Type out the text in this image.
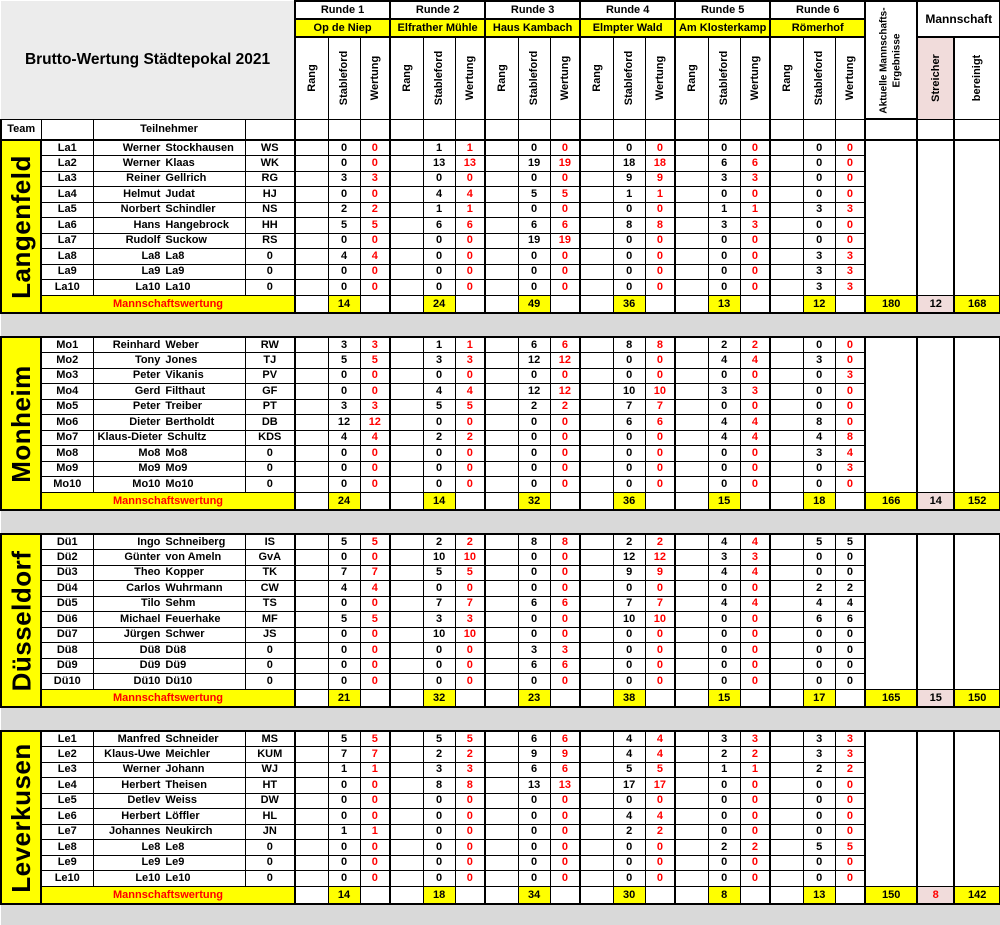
Brutto-Wertung Städtepokal 2021				Runde 1			Runde 2			Runde 3			Runde 4			Runde 5			Runde 6			Aktuelle Mannschafts-Ergebnisse	Mannschaft	
				Op de Niep			Elfrather Mühle			Haus Kambach			Elmpter Wald			Am Klosterkamp			Römerhof					

				Rang	Stableford	Wertung	Rang	Stableford	Wertung	Rang	Stableford	Wertung	Rang	Stableford	Wertung	Rang	Stableford	Wertung	Rang	Stableford	Wertung		Streicher	bereinigt

Team		Teilnehmer																						

Langenfeld	La1	Werner Stockhausen	WS		0	0		1	1		0	0		0	0		0	0		0	0			
	La2	Werner Klaas	WK		0	0		13	13		19	19		18	18		6	6		0	0			
	La3	Reiner Gellrich	RG		3	3		0	0		0	0		9	9		3	3		0	0			
	La4	Helmut Judat	HJ		0	0		4	4		5	5		1	1		0	0		0	0			
	La5	Norbert Schindler	NS		2	2		1	1		0	0		0	0		1	1		3	3			
	La6	Hans Hangebrock	HH		5	5		6	6		6	6		8	8		3	3		0	0			
	La7	Rudolf Suckow	RS		0	0		0	0		19	19		0	0		0	0		0	0			
	La8	La8 La8	0		4	4		0	0		0	0		0	0		0	0		3	3			
	La9	La9 La9	0		0	0		0	0		0	0		0	0		0	0		3	3			
	La10	La10 La10	0		0	0		0	0		0	0		0	0		0	0		3	3			
	Mannschaftswertung				14			24			49			36			13			12		180	12	168

Monheim	Mo1	Reinhard Weber	RW		3	3		1	1		6	6		8	8		2	2		0	0			
	Mo2	Tony Jones	TJ		5	5		3	3		12	12		0	0		4	4		3	0			
	Mo3	Peter Vikanis	PV		0	0		0	0		0	0		0	0		0	0		0	3			
	Mo4	Gerd Filthaut	GF		0	0		4	4		12	12		10	10		3	3		0	0			
	Mo5	Peter Treiber	PT		3	3		5	5		2	2		7	7		0	0		0	0			
	Mo6	Dieter Bertholdt	DB		12	12		0	0		0	0		6	6		4	4		8	0			
	Mo7	Klaus-Dieter Schultz	KDS		4	4		2	2		0	0		0	0		4	4		4	8			
	Mo8	Mo8 Mo8	0		0	0		0	0		0	0		0	0		0	0		3	4			
	Mo9	Mo9 Mo9	0		0	0		0	0		0	0		0	0		0	0		0	3			
	Mo10	Mo10 Mo10	0		0	0		0	0		0	0		0	0		0	0		0	0			
	Mannschaftswertung				24			14			32			36			15			18		166	14	152

Düsseldorf	Dü1	Ingo Schneiberg	IS		5	5		2	2		8	8		2	2		4	4		5	5			
	Dü2	Günter von Ameln	GvA		0	0		10	10		0	0		12	12		3	3		0	0			
	Dü3	Theo Kopper	TK		7	7		5	5		0	0		9	9		4	4		0	0			
	Dü4	Carlos Wuhrmann	CW		4	4		0	0		0	0		0	0		0	0		2	2			
	Dü5	Tilo Sehm	TS		0	0		7	7		6	6		7	7		4	4		4	4			
	Dü6	Michael Feuerhake	MF		5	5		3	3		0	0		10	10		0	0		6	6			
	Dü7	Jürgen Schwer	JS		0	0		10	10		0	0		0	0		0	0		0	0			
	Dü8	Dü8 Dü8	0		0	0		0	0		3	3		0	0		0	0		0	0			
	Dü9	Dü9 Dü9	0		0	0		0	0		6	6		0	0		0	0		0	0			
	Dü10	Dü10 Dü10	0		0	0		0	0		0	0		0	0		0	0		0	0			
	Mannschaftswertung				21			32			23			38			15			17		165	15	150

Leverkusen	Le1	Manfred Schneider	MS		5	5		5	5		6	6		4	4		3	3		3	3			
	Le2	Klaus-Uwe Meichler	KUM		7	7		2	2		9	9		4	4		2	2		3	3			
	Le3	Werner Johann	WJ		1	1		3	3		6	6		5	5		1	1		2	2			
	Le4	Herbert Theisen	HT		0	0		8	8		13	13		17	17		0	0		0	0			
	Le5	Detlev Weiss	DW		0	0		0	0		0	0		0	0		0	0		0	0			
	Le6	Herbert Löffler	HL		0	0		0	0		0	0		4	4		0	0		0	0			
	Le7	Johannes Neukirch	JN		1	1		0	0		0	0		2	2		0	0		0	0			
	Le8	Le8 Le8	0		0	0		0	0		0	0		0	0		2	2		5	5			
	Le9	Le9 Le9	0		0	0		0	0		0	0		0	0		0	0		0	0			
	Le10	Le10 Le10	0		0	0		0	0		0	0		0	0		0	0		0	0			
	Mannschaftswertung				14			18			34			30			8			13		150	8	142
